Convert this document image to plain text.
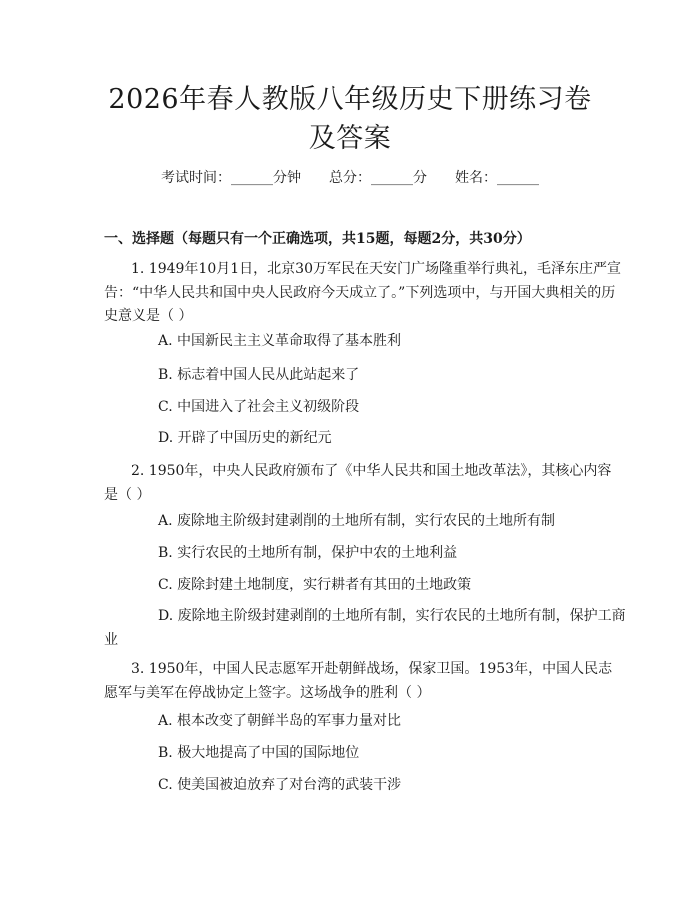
2026年春人教版八年级历史下册练习卷及答案
考试时间：______分钟 总分：______分 姓名：______
一、选择题（每题只有一个正确选项，共15题，每题2分，共30分）

1. 1949年10月1日，北京30万军民在天安门广场隆重举行典礼，毛泽东庄严宣告：“中华人民共和国中央人民政府今天成立了。”下列选项中，与开国大典相关的历史意义是（ ）

A. 中国新民主主义革命取得了基本胜利
B. 标志着中国人民从此站起来了
C. 中国进入了社会主义初级阶段
D. 开辟了中国历史的新纪元

2. 1950年，中央人民政府颁布了《中华人民共和国土地改革法》，其核心内容是（ ）

A. 废除地主阶级封建剥削的土地所有制，实行农民的土地所有制
B. 实行农民的土地所有制，保护中农的土地利益
C. 废除封建土地制度，实行耕者有其田的土地政策
D. 废除地主阶级封建剥削的土地所有制，实行农民的土地所有制，保护工商业

3. 1950年，中国人民志愿军开赴朝鲜战场，保家卫国。1953年，中国人民志愿军与美军在停战协定上签字。这场战争的胜利（ ）

A. 根本改变了朝鲜半岛的军事力量对比
B. 极大地提高了中国的国际地位
C. 使美国被迫放弃了对台湾的武装干涉
